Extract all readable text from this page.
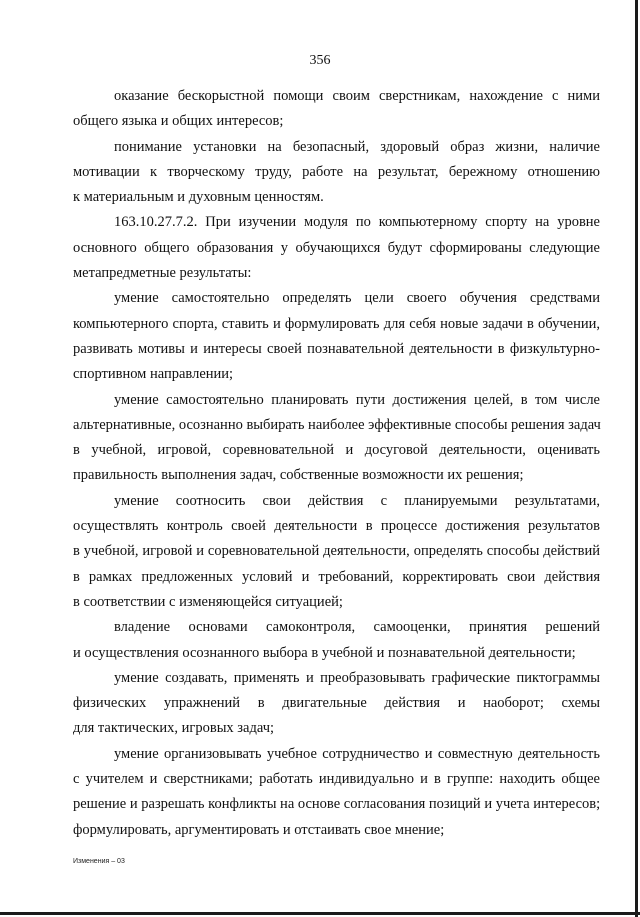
356
оказание бескорыстной помощи своим сверстникам, нахождение с ними
общего языка и общих интересов;
понимание установки на безопасный, здоровый образ жизни, наличие
мотивации к творческому труду, работе на результат, бережному отношению
к материальным и духовным ценностям.
163.10.27.7.2. При изучении модуля по компьютерному спорту на уровне
основного общего образования у обучающихся будут сформированы следующие
метапредметные результаты:
умение самостоятельно определять цели своего обучения средствами
компьютерного спорта, ставить и формулировать для себя новые задачи в обучении,
развивать мотивы и интересы своей познавательной деятельности в физкультурно-
спортивном направлении;
умение самостоятельно планировать пути достижения целей, в том числе
альтернативные, осознанно выбирать наиболее эффективные способы решения задач
в учебной, игровой, соревновательной и досуговой деятельности, оценивать
правильность выполнения задач, собственные возможности их решения;
умение соотносить свои действия с планируемыми результатами,
осуществлять контроль своей деятельности в процессе достижения результатов
в учебной, игровой и соревновательной деятельности, определять способы действий
в рамках предложенных условий и требований, корректировать свои действия
в соответствии с изменяющейся ситуацией;
владение основами самоконтроля, самооценки, принятия решений
и осуществления осознанного выбора в учебной и познавательной деятельности;
умение создавать, применять и преобразовывать графические пиктограммы
физических упражнений в двигательные действия и наоборот; схемы
для тактических, игровых задач;
умение организовывать учебное сотрудничество и совместную деятельность
с учителем и сверстниками; работать индивидуально и в группе: находить общее
решение и разрешать конфликты на основе согласования позиций и учета интересов;
формулировать, аргументировать и отстаивать свое мнение;
Изменения – 03
